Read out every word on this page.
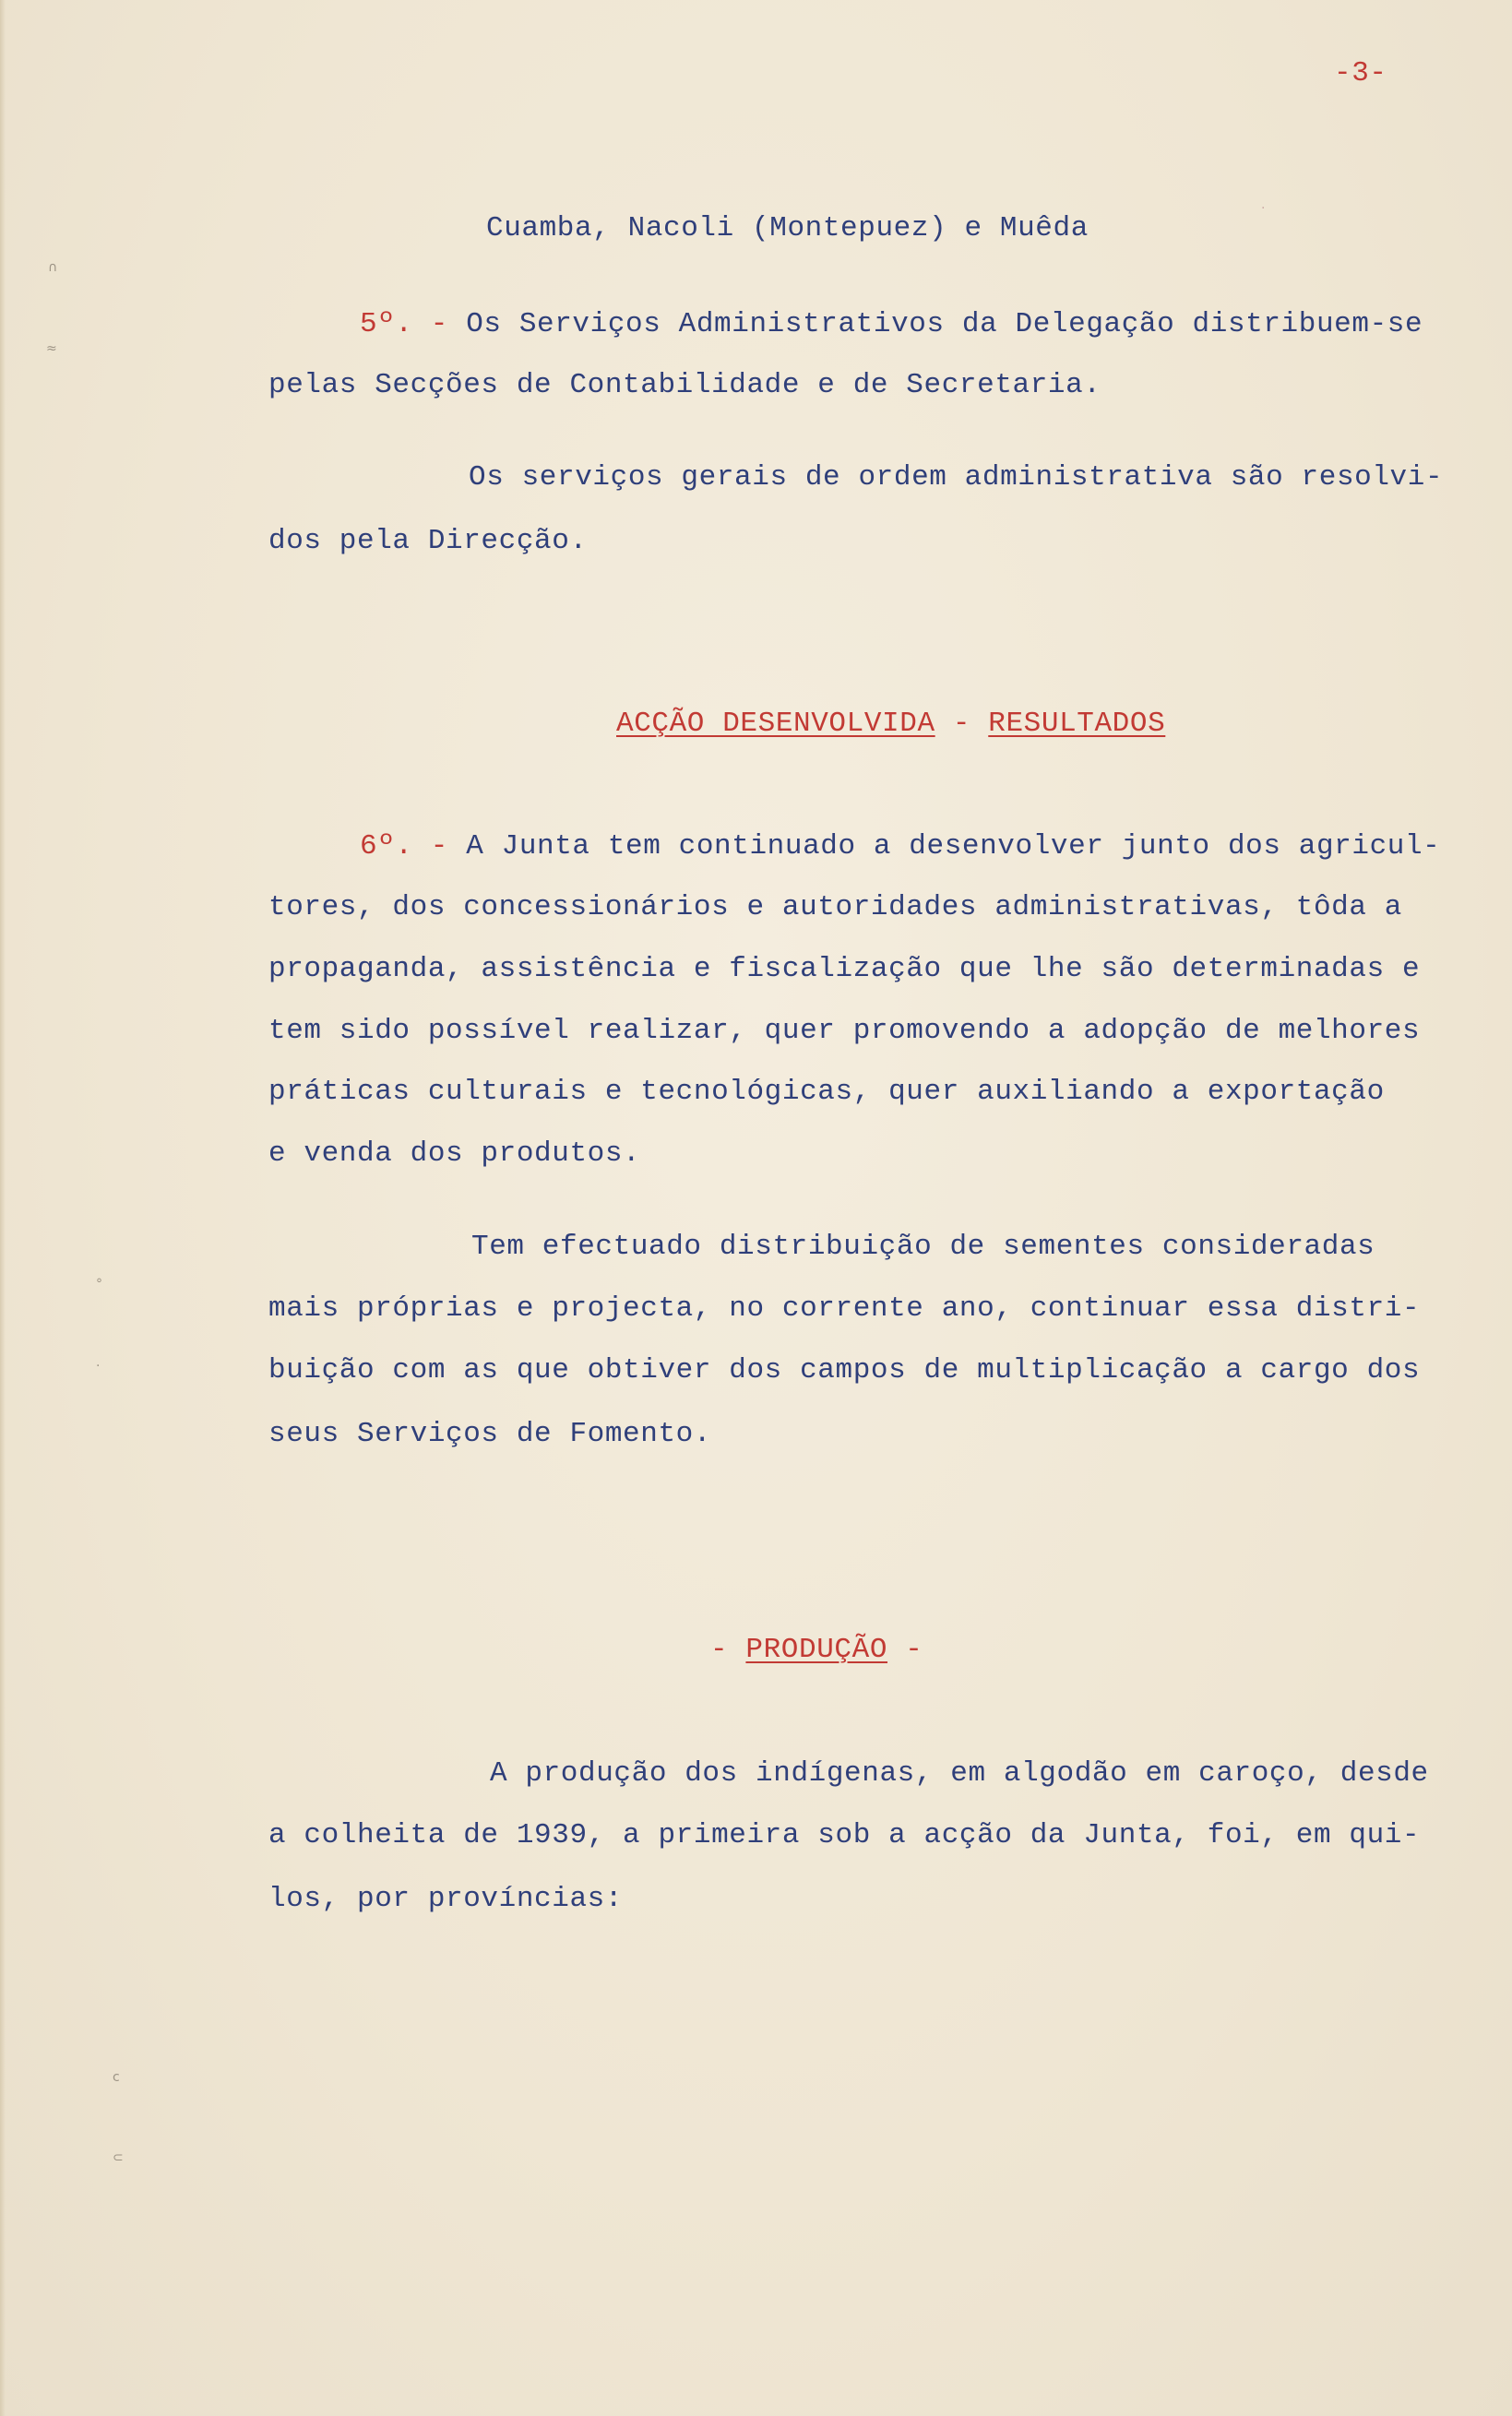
-3-
Cuamba, Nacoli (Montepuez) e Muêda
5º. - Os Serviços Administrativos da Delegação distribuem-se
pelas Secções de Contabilidade e de Secretaria.
Os serviços gerais de ordem administrativa são resolvi-
dos pela Direcção.
ACÇÃO DESENVOLVIDA - RESULTADOS
6º. - A Junta tem continuado a desenvolver junto dos agricul-
tores, dos concessionários e autoridades administrativas, tôda a
propaganda, assistência e fiscalização que lhe são determinadas e
tem sido possível realizar, quer promovendo a adopção de melhores
práticas culturais e tecnológicas, quer auxiliando a exportação
e venda dos produtos.
Tem efectuado distribuição de sementes consideradas
mais próprias e projecta, no corrente ano, continuar essa distri-
buição com as que obtiver dos campos de multiplicação a cargo dos
seus Serviços de Fomento.
- PRODUÇÃO -
A produção dos indígenas, em algodão em caroço, desde
a colheita de 1939, a primeira sob a acção da Junta, foi, em qui-
los, por províncias:
∩
≈
°
·
c
⊂
·
